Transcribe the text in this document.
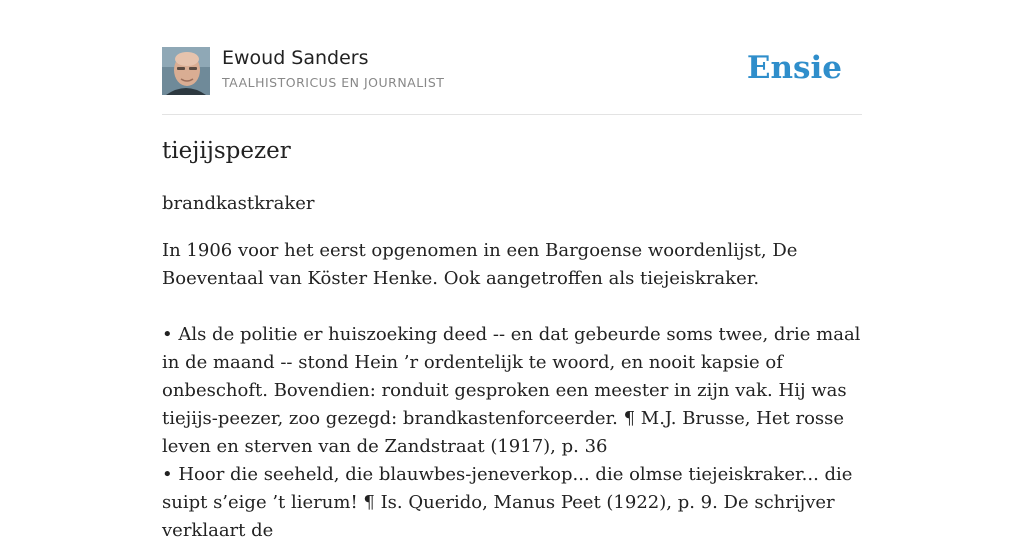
Ewoud Sanders
TAALHISTORICUS EN JOURNALIST	Ensie
tiejijspezer
brandkastkraker

In 1906 voor het eerst opgenomen in een Bargoense woordenlijst, De Boeventaal van Köster Henke. Ook aangetroffen als tiejeiskraker.

• Als de politie er huiszoeking deed -- en dat gebeurde soms twee, drie maal in de maand -- stond Hein ’r ordentelijk te woord, en nooit kapsie of onbeschoft. Bovendien: ronduit gesproken een meester in zijn vak. Hij was tiejijs-peezer, zoo gezegd: brandkastenforceerder. ¶ M.J. Brusse, Het rosse leven en sterven van de Zandstraat (1917), p. 36

• Hoor die seeheld, die blauwbes-jeneverkop... die olmse tiejeiskraker... die suipt s’eige ’t lierum! ¶ Is. Querido, Manus Peet (1922), p. 9. De schrijver verklaart de
